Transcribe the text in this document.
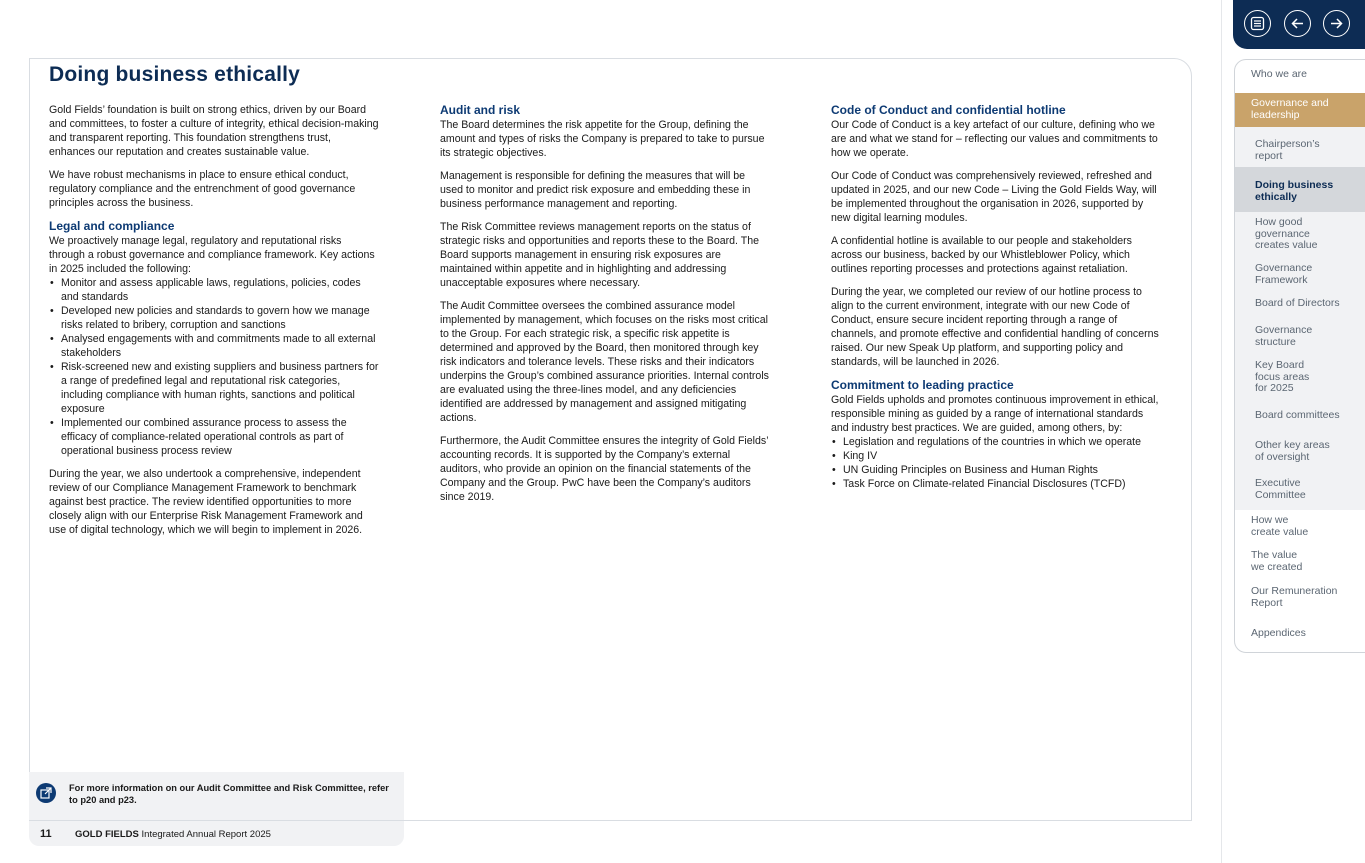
Doing business ethically

Gold Fields’ foundation is built on strong ethics, driven by our Board and committees, to foster a culture of integrity, ethical decision-making and transparent reporting. This foundation strengthens trust, enhances our reputation and creates sustainable value.

We have robust mechanisms in place to ensure ethical conduct, regulatory compliance and the entrenchment of good governance principles across the business.

Legal and compliance

We proactively manage legal, regulatory and reputational risks through a robust governance and compliance framework. Key actions in 2025 included the following:

• Monitor and assess applicable laws, regulations, policies, codes and standards
• Developed new policies and standards to govern how we manage risks related to bribery, corruption and sanctions
• Analysed engagements with and commitments made to all external stakeholders
• Risk-screened new and existing suppliers and business partners for a range of predefined legal and reputational risk categories, including compliance with human rights, sanctions and political exposure
• Implemented our combined assurance process to assess the efficacy of compliance-related operational controls as part of operational business process review

During the year, we also undertook a comprehensive, independent review of our Compliance Management Framework to benchmark against best practice. The review identified opportunities to more closely align with our Enterprise Risk Management Framework and use of digital technology, which we will begin to implement in 2026.

Audit and risk

The Board determines the risk appetite for the Group, defining the amount and types of risks the Company is prepared to take to pursue its strategic objectives.

Management is responsible for defining the measures that will be used to monitor and predict risk exposure and embedding these in business performance management and reporting.

The Risk Committee reviews management reports on the status of strategic risks and opportunities and reports these to the Board. The Board supports management in ensuring risk exposures are maintained within appetite and in highlighting and addressing unacceptable exposures where necessary.

The Audit Committee oversees the combined assurance model implemented by management, which focuses on the risks most critical to the Group. For each strategic risk, a specific risk appetite is determined and approved by the Board, then monitored through key risk indicators and tolerance levels. These risks and their indicators underpins the Group’s combined assurance priorities. Internal controls are evaluated using the three-lines model, and any deficiencies identified are addressed by management and assigned mitigating actions.

Furthermore, the Audit Committee ensures the integrity of Gold Fields’ accounting records. It is supported by the Company’s external auditors, who provide an opinion on the financial statements of the Company and the Group. PwC have been the Company’s auditors since 2019.

Code of Conduct and confidential hotline

Our Code of Conduct is a key artefact of our culture, defining who we are and what we stand for – reflecting our values and commitments to how we operate.

Our Code of Conduct was comprehensively reviewed, refreshed and updated in 2025, and our new Code – Living the Gold Fields Way, will be implemented throughout the organisation in 2026, supported by new digital learning modules.

A confidential hotline is available to our people and stakeholders across our business, backed by our Whistleblower Policy, which outlines reporting processes and protections against retaliation.

During the year, we completed our review of our hotline process to align to the current environment, integrate with our new Code of Conduct, ensure secure incident reporting through a range of channels, and promote effective and confidential handling of concerns raised. Our new Speak Up platform, and supporting policy and standards, will be launched in 2026.

Commitment to leading practice

Gold Fields upholds and promotes continuous improvement in ethical, responsible mining as guided by a range of international standards and industry best practices. We are guided, among others, by:

• Legislation and regulations of the countries in which we operate
• King IV
• UN Guiding Principles on Business and Human Rights
• Task Force on Climate-related Financial Disclosures (TCFD)
For more information on our Audit Committee and Risk Committee, refer to p20 and p23.
11 GOLD FIELDS Integrated Annual Report 2025
Who we are
Governance and leadership
Chairperson’s report
Doing business ethically
How good governance creates value
Governance Framework
Board of Directors
Governance structure
Key Board focus areas for 2025
Board committees
Other key areas of oversight
Executive Committee
How we create value
The value we created
Our Remuneration Report
Appendices
